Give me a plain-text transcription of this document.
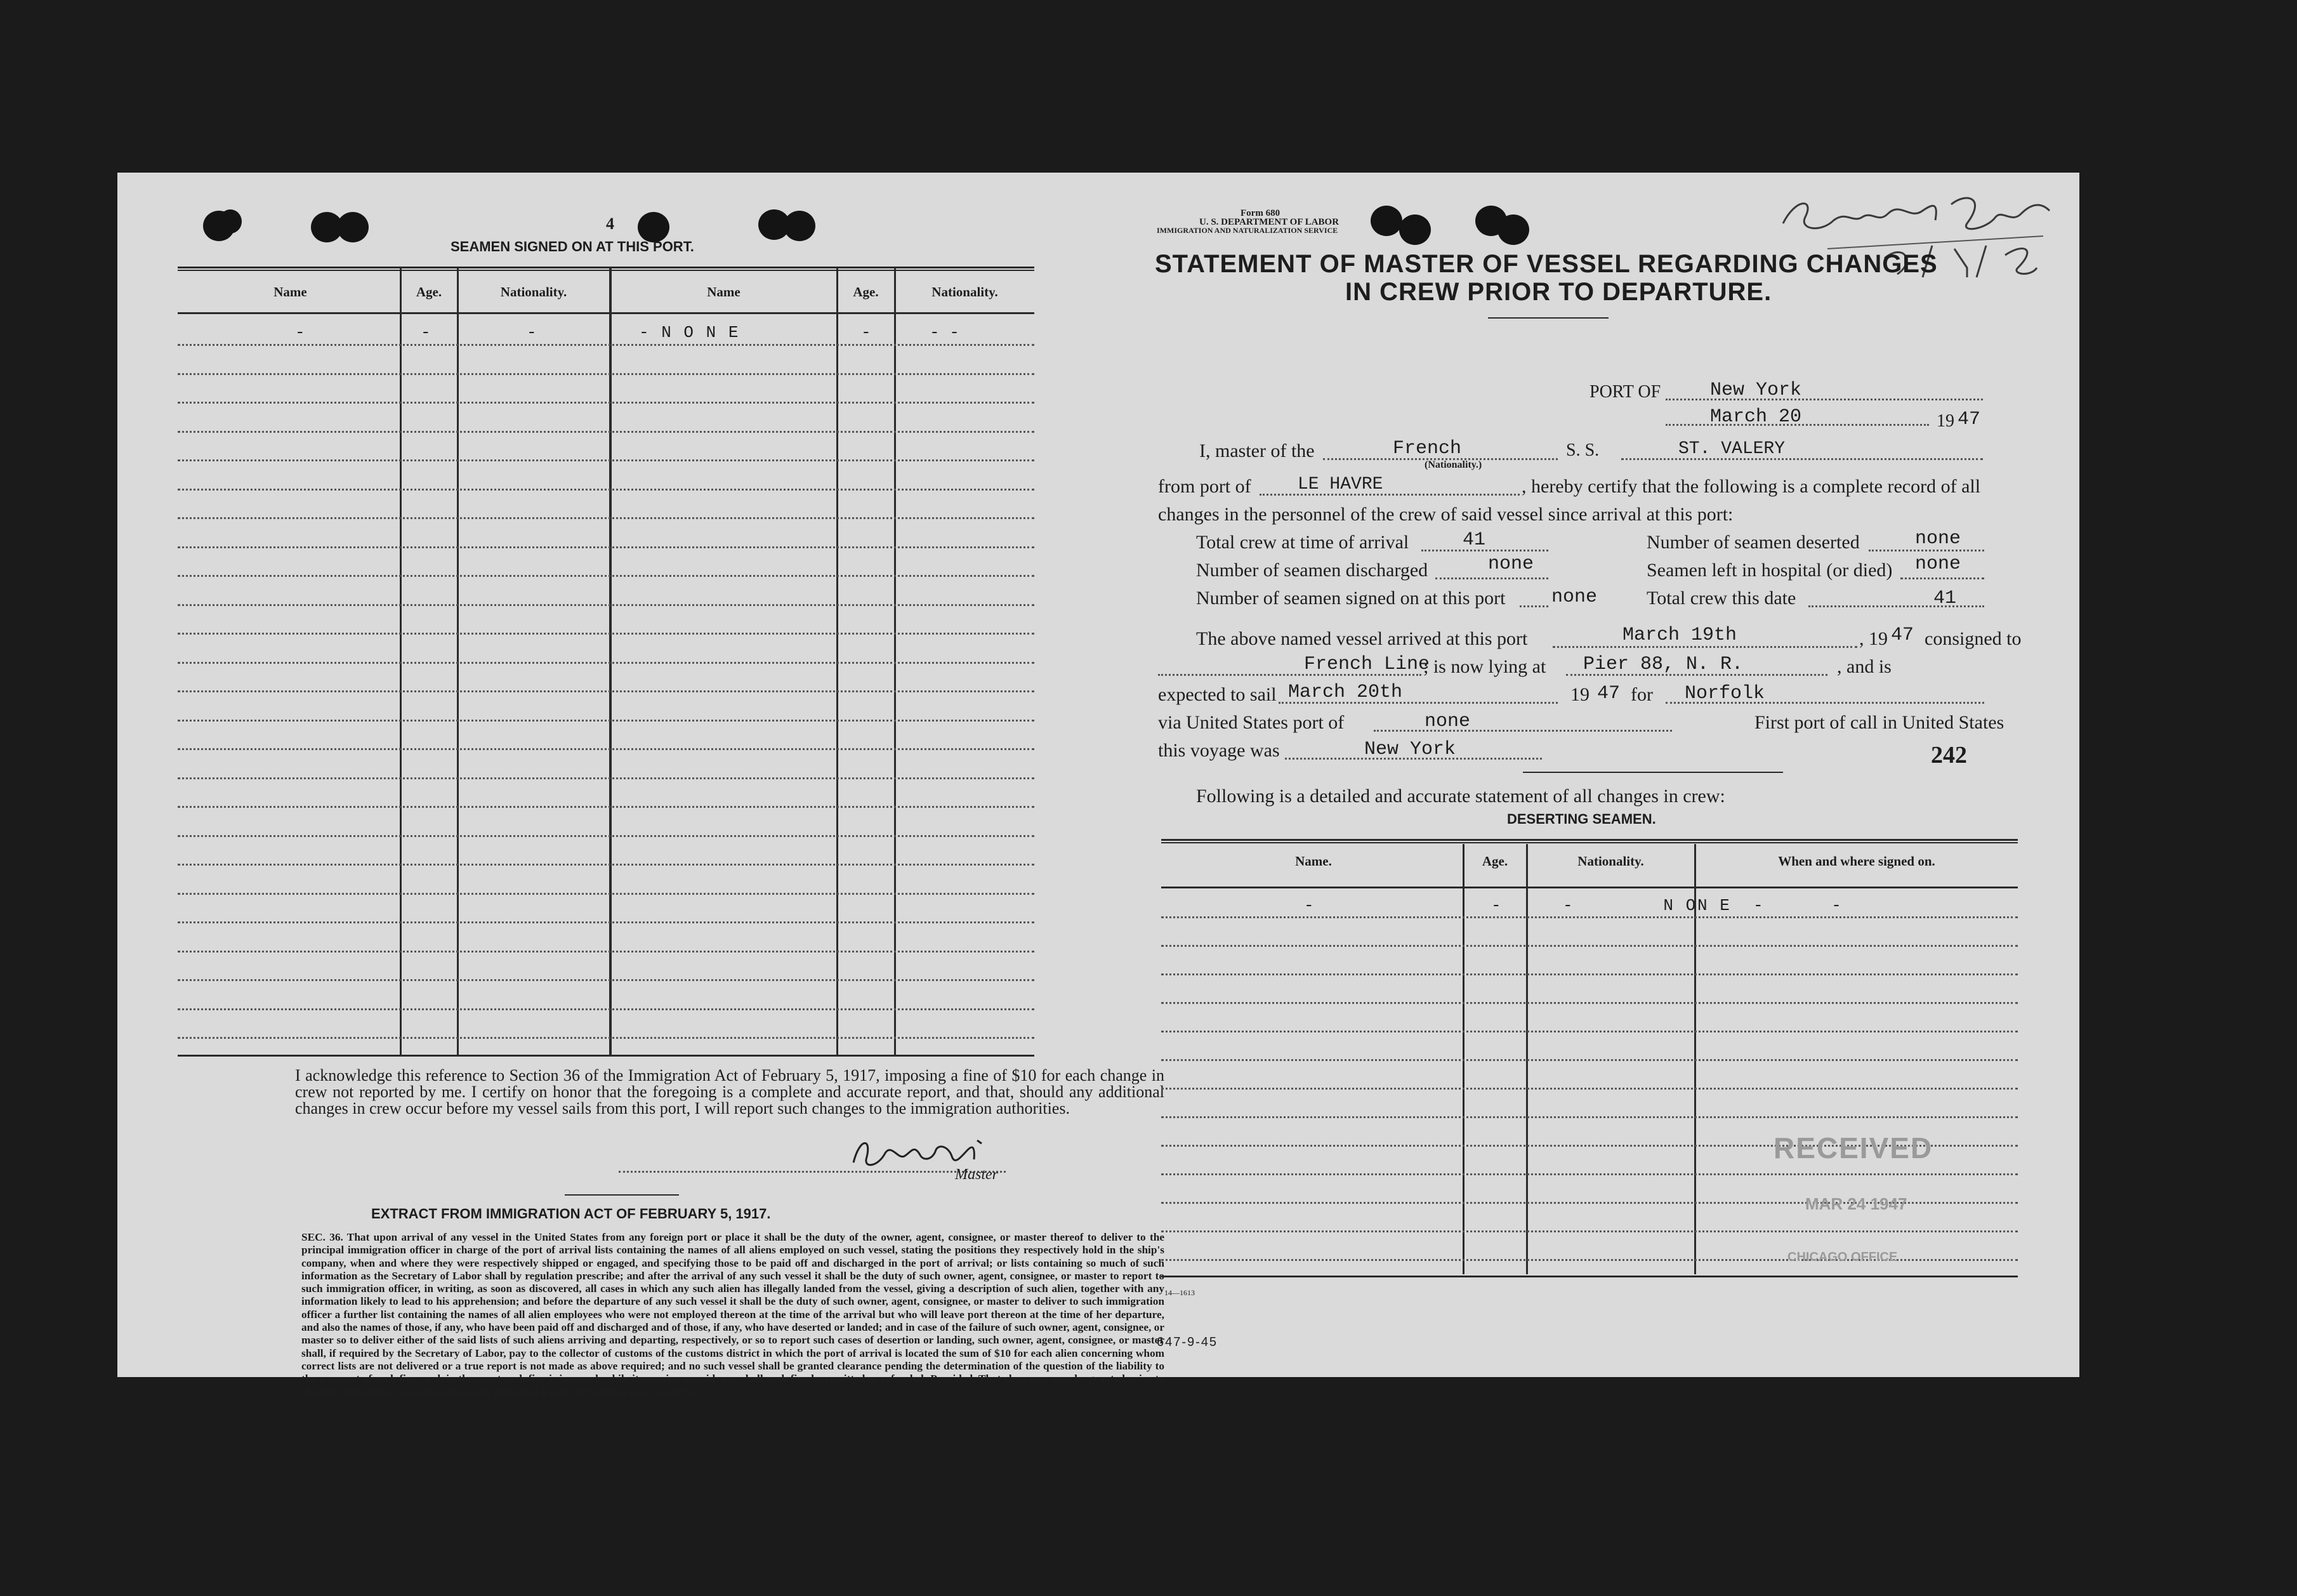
4
SEAMEN SIGNED ON AT THIS PORT.
Name	Age.	Nationality.	Name	Age.	Nationality.
-	-	-	- N O N E	-	- -
I acknowledge this reference to Section 36 of the Immigration Act of February 5, 1917, imposing a fine of $10 for each change in crew not reported by me. I certify on honor that the foregoing is a complete and accurate report, and that, should any additional changes in crew occur before my vessel sails from this port, I will report such changes to the immigration authorities.
Master
EXTRACT FROM IMMIGRATION ACT OF FEBRUARY 5, 1917.
SEC. 36. That upon arrival of any vessel in the United States from any foreign port or place it shall be the duty of the owner, agent, consignee, or master thereof to deliver to the principal immigration officer in charge of the port of arrival lists containing the names of all aliens employed on such vessel, stating the positions they respectively hold in the ship's company, when and where they were respectively shipped or engaged, and specifying those to be paid off and discharged in the port of arrival; or lists containing so much of such information as the Secretary of Labor shall by regulation prescribe; and after the arrival of any such vessel it shall be the duty of such owner, agent, consignee, or master to report to such immigration officer, in writing, as soon as discovered, all cases in which any such alien has illegally landed from the vessel, giving a description of such alien, together with any information likely to lead to his apprehension; and before the departure of any such vessel it shall be the duty of such owner, agent, consignee, or master to deliver to such immigration officer a further list containing the names of all alien employees who were not employed thereon at the time of the arrival but who will leave port thereon at the time of her departure, and also the names of those, if any, who have been paid off and discharged and of those, if any, who have deserted or landed; and in case of the failure of such owner, agent, consignee, or master so to deliver either of the said lists of such aliens arriving and departing, respectively, or so to report such cases of desertion or landing, such owner, agent, consignee, or master shall, if required by the Secretary of Labor, pay to the collector of customs of the customs district in which the port of arrival is located the sum of $10 for each alien concerning whom correct lists are not delivered or a true report is not made as above required; and no such vessel shall be granted clearance pending the determination of the question of the liability to the payment of such fine, and, in the event such fine is imposed, while it remains unpaid; nor shall such fine be remitted or refunded; Provided, That clearance may be granted prior to the determination of such question upon deposit of a sum sufficient to cover such fine.
Form 680
U. S. DEPARTMENT OF LABOR
IMMIGRATION AND NATURALIZATION SERVICE
STATEMENT OF MASTER OF VESSEL REGARDING CHANGES
IN CREW PRIOR TO DEPARTURE.
PORT OF	New York
March 20	19 47
I, master of the	French
(Nationality.)
S. S.	ST. VALERY
from port of	LE HAVRE	, hereby certify that the following is a complete record of all
changes in the personnel of the crew of said vessel since arrival at this port:
Total crew at time of arrival	41	Number of seamen deserted	none
Number of seamen discharged	none	Seamen left in hospital (or died) none
Number of seamen signed on at this port none	Total crew this date	41
The above named vessel arrived at this port	March 19th	, 19 47 consigned to
French Line
; is now lying at Pier 88, N. R.	, and is
expected to sail March 20th	19 47 for Norfolk
via United States port of	none	First port of call in United States
this voyage was	New York	242
Following is a detailed and accurate statement of all changes in crew:
DESERTING SEAMEN.
Name.	Age.	Nationality.	When and where signed on.
-	-	-        N O N E  -      -
RECEIVED
MAR 24 1947
CHICAGO OFFICE
14—1613
647-9-45
